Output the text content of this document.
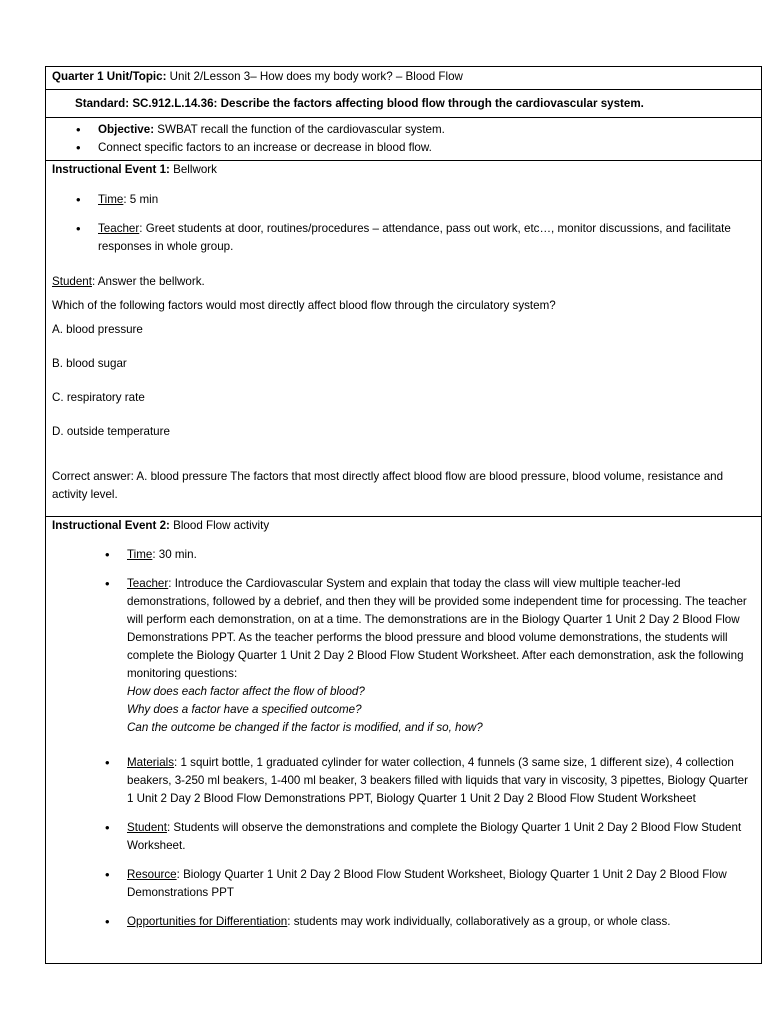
Quarter 1 Unit/Topic: Unit 2/Lesson 3– How does my body work? – Blood Flow
Standard: SC.912.L.14.36: Describe the factors affecting blood flow through the cardiovascular system.
• Objective: SWBAT recall the function of the cardiovascular system.
• Connect specific factors to an increase or decrease in blood flow.
Instructional Event 1: Bellwork
• Time: 5 min
• Teacher: Greet students at door, routines/procedures – attendance, pass out work, etc…, monitor discussions, and facilitate responses in whole group.
Student: Answer the bellwork.
Which of the following factors would most directly affect blood flow through the circulatory system?
A. blood pressure
B. blood sugar
C. respiratory rate
D. outside temperature
Correct answer: A. blood pressure The factors that most directly affect blood flow are blood pressure, blood volume, resistance and activity level.
Instructional Event 2: Blood Flow activity
• Time: 30 min.
• Teacher: Introduce the Cardiovascular System and explain that today the class will view multiple teacher-led demonstrations, followed by a debrief, and then they will be provided some independent time for processing. The teacher will perform each demonstration, on at a time. The demonstrations are in the Biology Quarter 1 Unit 2 Day 2 Blood Flow Demonstrations PPT. As the teacher performs the blood pressure and blood volume demonstrations, the students will complete the Biology Quarter 1 Unit 2 Day 2 Blood Flow Student Worksheet. After each demonstration, ask the following monitoring questions:
How does each factor affect the flow of blood?
Why does a factor have a specified outcome?
Can the outcome be changed if the factor is modified, and if so, how?
• Materials: 1 squirt bottle, 1 graduated cylinder for water collection, 4 funnels (3 same size, 1 different size), 4 collection beakers, 3-250 ml beakers, 1-400 ml beaker, 3 beakers filled with liquids that vary in viscosity, 3 pipettes, Biology Quarter 1 Unit 2 Day 2 Blood Flow Demonstrations PPT, Biology Quarter 1 Unit 2 Day 2 Blood Flow Student Worksheet
• Student: Students will observe the demonstrations and complete the Biology Quarter 1 Unit 2 Day 2 Blood Flow Student Worksheet.
• Resource: Biology Quarter 1 Unit 2 Day 2 Blood Flow Student Worksheet, Biology Quarter 1 Unit 2 Day 2 Blood Flow Demonstrations PPT
• Opportunities for Differentiation: students may work individually, collaboratively as a group, or whole class.
